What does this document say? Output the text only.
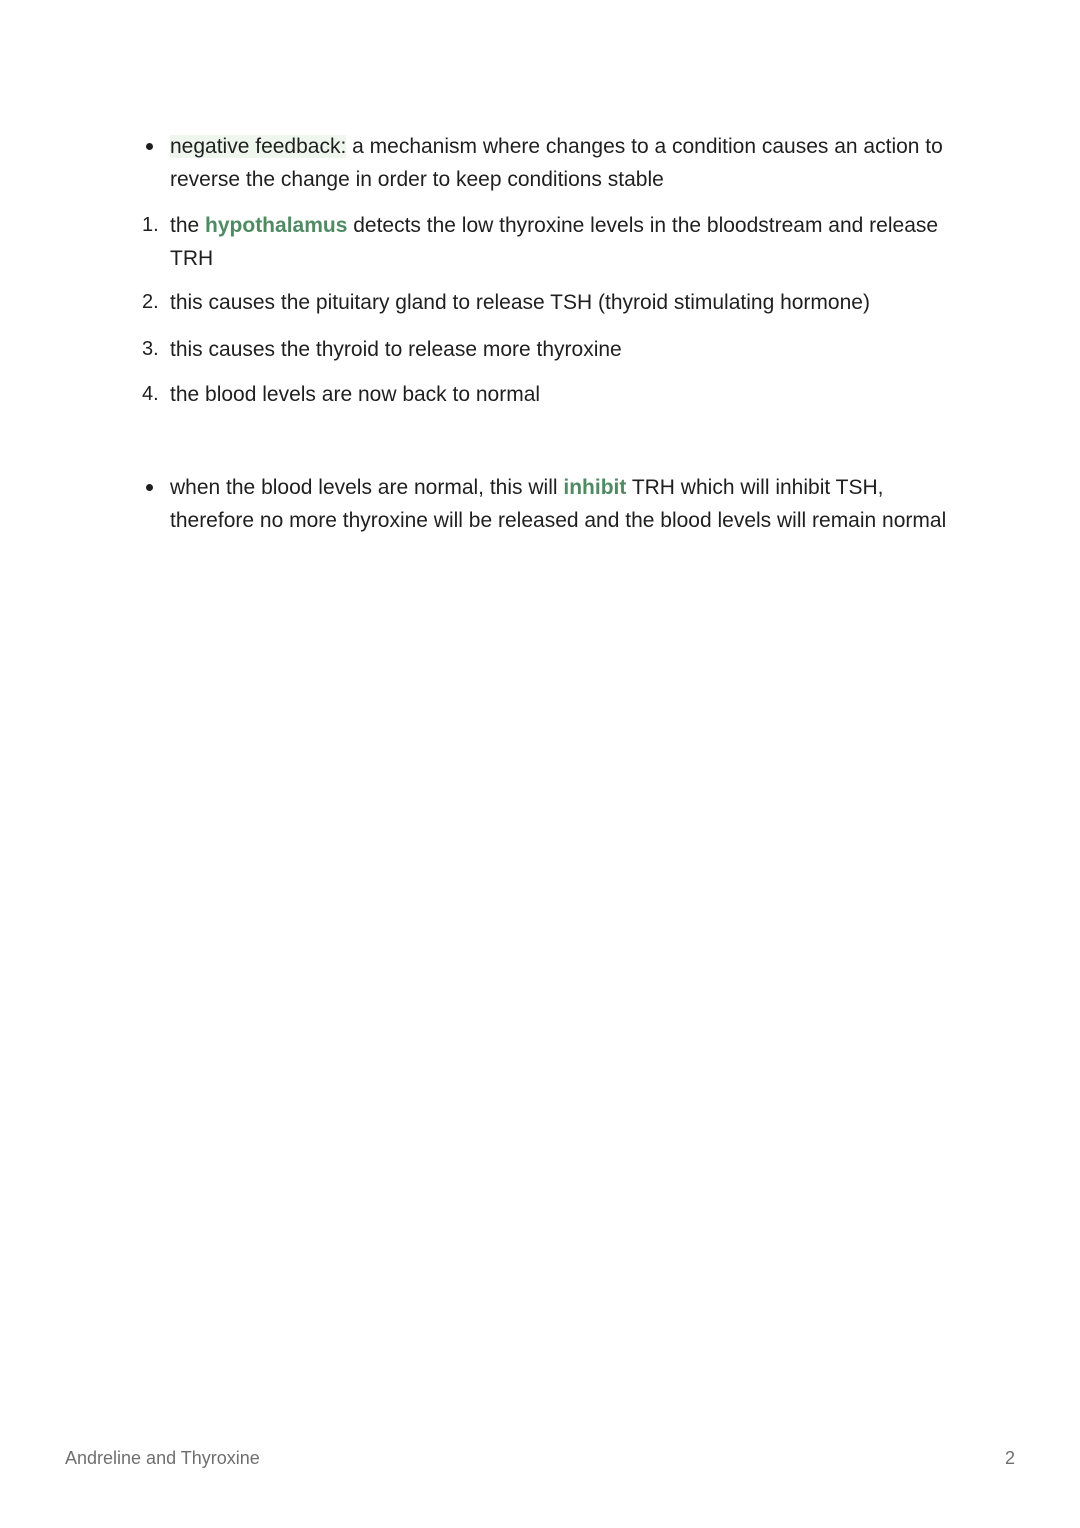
negative feedback: a mechanism where changes to a condition causes an action to reverse the change in order to keep conditions stable
1. the hypothalamus detects the low thyroxine levels in the bloodstream and release TRH
2. this causes the pituitary gland to release TSH (thyroid stimulating hormone)
3. this causes the thyroid to release more thyroxine
4. the blood levels are now back to normal
when the blood levels are normal, this will inhibit TRH which will inhibit TSH, therefore no more thyroxine will be released and the blood levels will remain normal
Andreline and Thyroxine	2
